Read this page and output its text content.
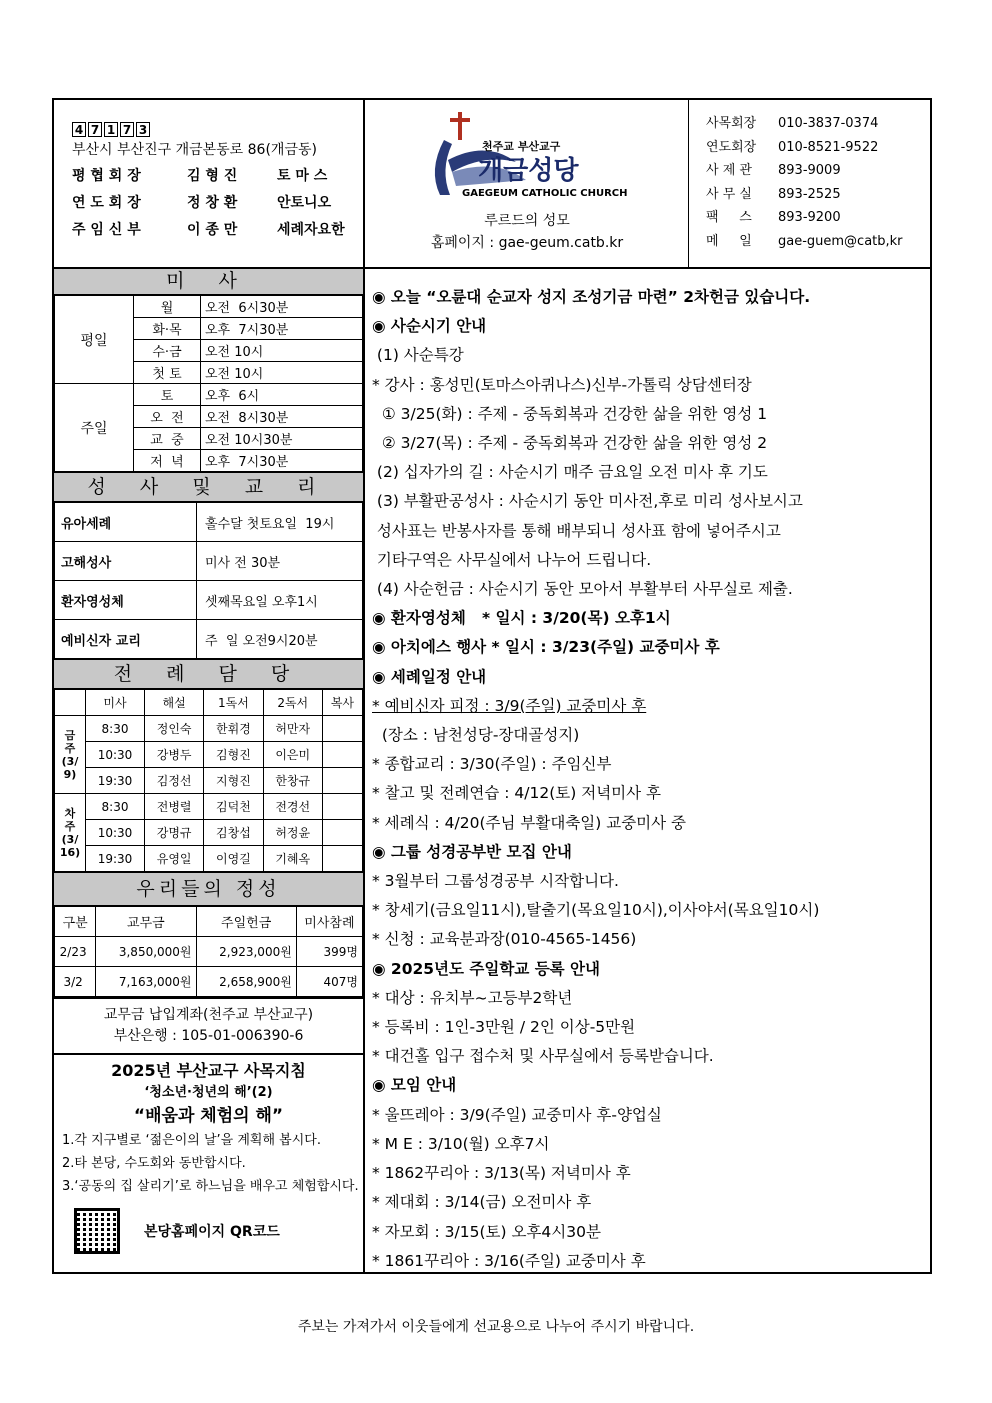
4 7 1 7 3
부산시 부산진구 개금본동로 86(개금동)
평 협 회 장	김 형 진	토 마 스
연 도 회 장	정 창 환	안토니오
주 임 신 부	이 종 만	세례자요한
천주교 부산교구
개금성당
GAEGEUM CATHOLIC CHURCH
루르드의 성모
홈페이지 : gae-geum.catb.kr
사목회장 010-3837-0374
연도회장 010-8521-9522
사 제 관 893-9009
사 무 실 893-2525
팩     스 893-9200
메     일 gae-guem@catb,kr
미 사
평일	월	오전  6시30분
	화·목	오후  7시30분
	수·금	오전 10시
	첫 토	오전 10시
주일	토	오후  6시
	오  전	오전  8시30분
	교  중	오전 10시30분
	저  녁	오후  7시30분
성 사 및 교 리
유아세례	홀수달 첫토요일  19시
고해성사	미사 전 30분
환자영성체	셋째목요일 오후1시
예비신자 교리	주  일 오전9시20분
전 례 담 당
	미사	해설	1독서	2독서	복사
금
주
(3/
9)	8:30	정인숙	한휘경	허만자	
	10:30	강병두	김형진	이은미	
	19:30	김정선	지형진	한창규	
차
주
(3/
16)	8:30	전병렬	김덕천	전경선	
	10:30	강명규	김창섭	허정윤	
	19:30	유영일	이영길	기혜옥	
우리들의 정성
구분	교무금	주일헌금	미사참례
2/23	3,850,000원	2,923,000원	399명
3/2	7,163,000원	2,658,900원	407명
교무금 납입계좌(천주교 부산교구)
부산은행 : 105-01-006390-6
2025년 부산교구 사목지침
‘청소년·청년의 해’(2)
“배움과 체험의 해”
1.각 지구별로 ‘젊은이의 날’을 계획해 봅시다.
2.타 본당, 수도회와 동반합시다.
3.‘공동의 집 살리기’로 하느님을 배우고 체험합시다.
본당홈페이지 QR코드

◉ 오늘 “오륜대 순교자 성지 조성기금 마련” 2차헌금 있습니다.

◉ 사순시기 안내

(1) 사순특강

* 강사 : 홍성민(토마스아퀴나스)신부-가톨릭 상담센터장

① 3/25(화) : 주제 - 중독회복과 건강한 삶을 위한 영성 1

② 3/27(목) : 주제 - 중독회복과 건강한 삶을 위한 영성 2

(2) 십자가의 길 : 사순시기 매주 금요일 오전 미사 후 기도

(3) 부활판공성사 : 사순시기 동안 미사전,후로 미리 성사보시고

성사표는 반봉사자를 통해 배부되니 성사표 함에 넣어주시고

기타구역은 사무실에서 나누어 드립니다.

(4) 사순헌금 : 사순시기 동안 모아서 부활부터 사무실로 제출.

◉ 환자영성체   * 일시 : 3/20(목) 오후1시

◉ 아치에스 행사 * 일시 : 3/23(주일) 교중미사 후

◉ 세례일정 안내

* 예비신자 피정 : 3/9(주일) 교중미사 후

(장소 : 남천성당-장대골성지)

* 종합교리 : 3/30(주일) : 주임신부

* 찰고 및 전례연습 : 4/12(토) 저녁미사 후

* 세례식 : 4/20(주님 부활대축일) 교중미사 중

◉ 그룹 성경공부반 모집 안내

* 3월부터 그룹성경공부 시작합니다.

* 창세기(금요일11시),탈출기(목요일10시),이사야서(목요일10시)

* 신청 : 교육분과장(010-4565-1456)

◉ 2025년도 주일학교 등록 안내

* 대상 : 유치부~고등부2학년

* 등록비 : 1인-3만원 / 2인 이상-5만원

* 대건홀 입구 접수처 및 사무실에서 등록받습니다.

◉ 모임 안내

* 울뜨레아 : 3/9(주일) 교중미사 후-양업실

* M E : 3/10(월) 오후7시

* 1862꾸리아 : 3/13(목) 저녁미사 후

* 제대회 : 3/14(금) 오전미사 후

* 자모회 : 3/15(토) 오후4시30분

* 1861꾸리아 : 3/16(주일) 교중미사 후

주보는 가져가서 이웃들에게 선교용으로 나누어 주시기 바랍니다.
